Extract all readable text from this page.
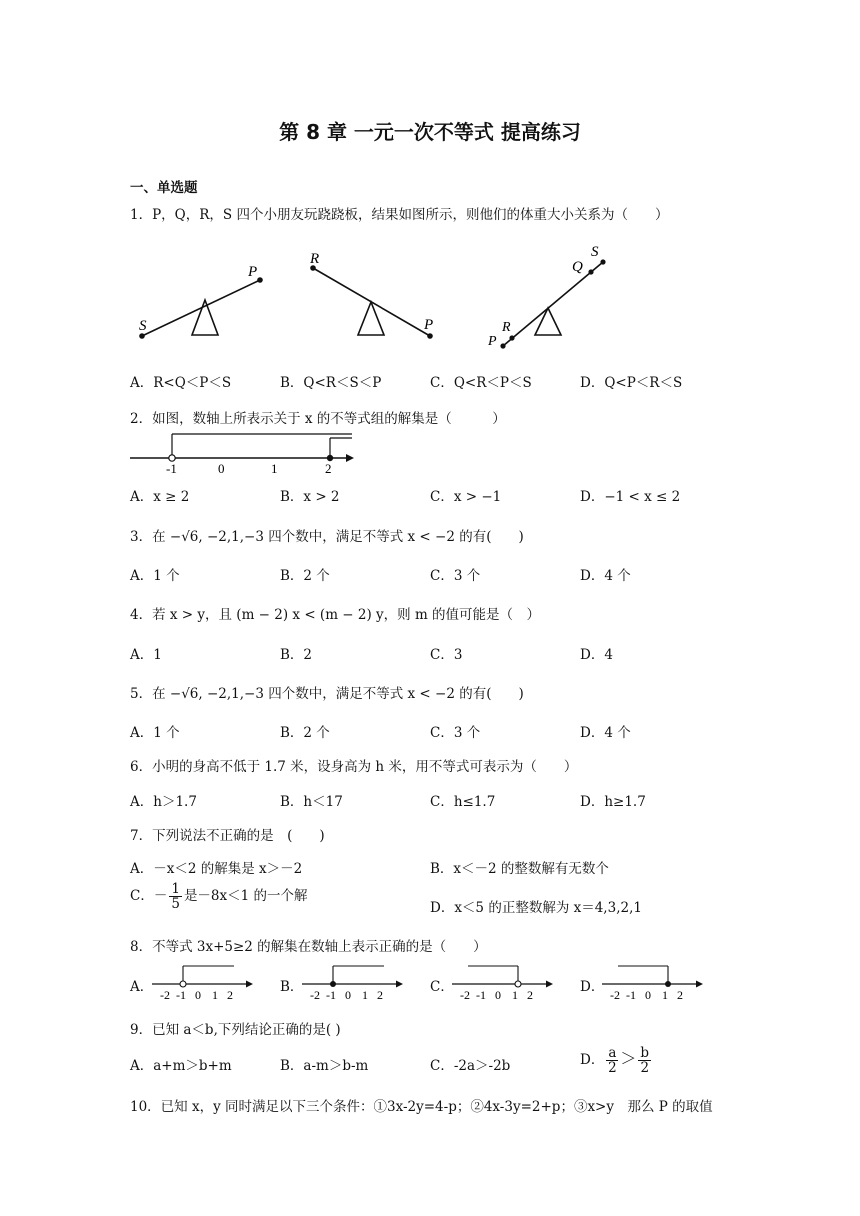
第 8 章 一元一次不等式 提高练习
一、单选题
1．P，Q，R，S 四个小朋友玩跷跷板，结果如图所示，则他们的体重大小关系为（　　）
S
P
R
P
P
R
Q
S
A．R<Q＜P＜S	B．Q<R＜S＜P	C．Q<R＜P＜S	D．Q<P＜R＜S
2．如图，数轴上所表示关于 x 的不等式组的解集是（　　　）
-1	0	1	2
A．x ≥ 2	B．x > 2	C．x > −1	D．−1 < x ≤ 2
3．在 −√6, −2,1,−3 四个数中，满足不等式 x < −2 的有(　　)
A．1 个	B．2 个	C．3 个	D．4 个
4．若 x > y，且 (m − 2) x < (m − 2) y，则 m 的值可能是（　）
A．1	B．2	C．3	D．4
5．在 −√6, −2,1,−3 四个数中，满足不等式 x < −2 的有(　　)
A．1 个	B．2 个	C．3 个	D．4 个
6．小明的身高不低于 1.7 米，设身高为 h 米，用不等式可表示为（　　）
A．h＞1.7	B．h＜17	C．h≤1.7	D．h≥1.7
7．下列说法不正确的是　(　　)
A．－x＜2 的解集是 x＞－2	B．x＜－2 的整数解有无数个
C．－ $\frac{1}{5}$ 是－8x＜1 的一个解
D．x＜5 的正整数解为 x＝4,3,2,1
8．不等式 3x+5≥2 的解集在数轴上表示正确的是（　　）
A．	B．	C．	D．
-2 -1 0 1 2	-2 -1 0 1 2	-2 -1 0 1 2	-2 -1 0 1 2
9．已知 a＜b,下列结论正确的是( )
A．a+m＞b+m	B．a-m＞b-m	C．-2a＞-2b	D． $\frac{a}{2} > \frac{b}{2}$
10．已知 x，y 同时满足以下三个条件：①3x-2y=4-p；②4x-3y=2+p；③x>y　那么 P 的取值
